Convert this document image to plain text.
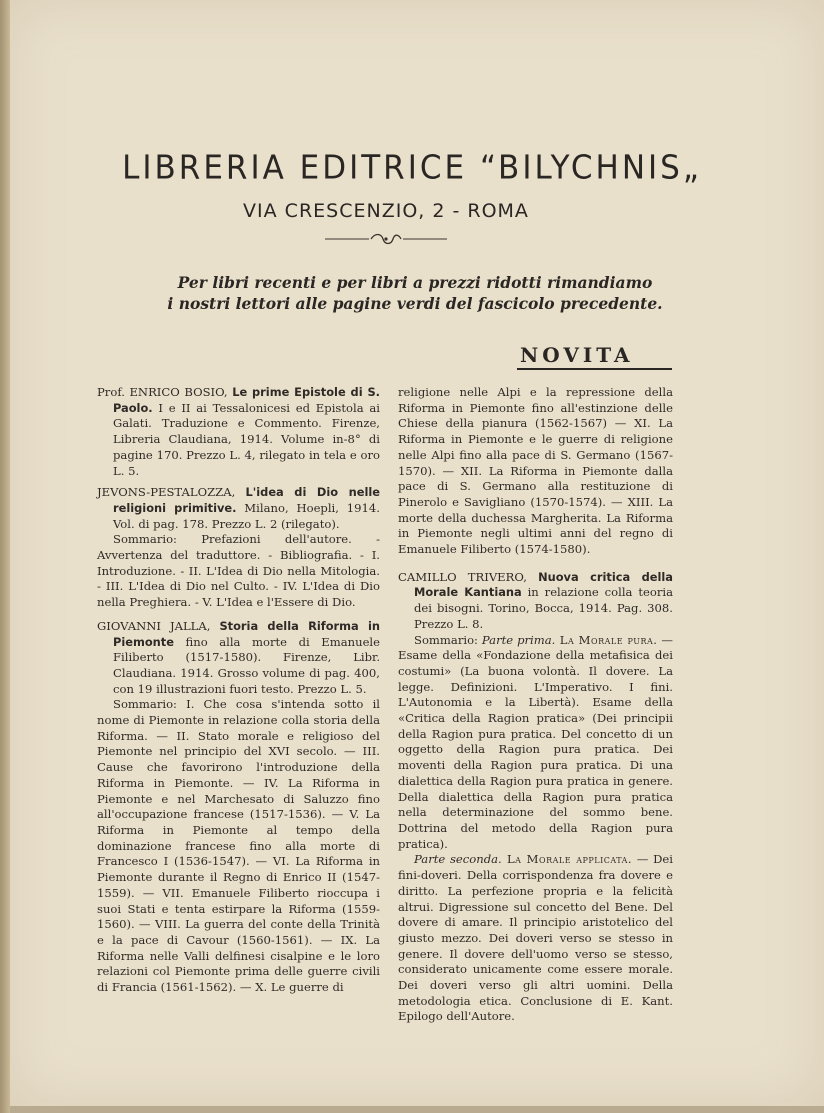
LIBRERIA EDITRICE “BILYCHNIS„
VIA CRESCENZIO, 2 - ROMA
Per libri recenti e per libri a prezzi ridotti rimandiamo
i nostri lettori alle pagine verdi del fascicolo precedente.
NOVITA
Prof. ENRICO BOSIO, Le prime Epistole di S. Paolo. I e II ai Tessalonicesi ed Epistola ai Galati. Traduzione e Commento. Firenze, Libreria Claudiana, 1914. Volume in-8° di pagine 170. Prezzo L. 4, rilegato in tela e oro L. 5.
JEVONS-PESTALOZZA, L'idea di Dio nelle religioni primitive. Milano, Hoepli, 1914. Vol. di pag. 178. Prezzo L. 2 (rilegato).

Sommario: Prefazioni dell'autore. - Avvertenza del traduttore. - Bibliografia. - I. Introduzione. - II. L'Idea di Dio nella Mitologia. - III. L'Idea di Dio nel Culto. - IV. L'Idea di Dio nella Preghiera. - V. L'Idea e l'Essere di Dio.

GIOVANNI JALLA, Storia della Riforma in Piemonte fino alla morte di Emanuele Filiberto (1517-1580). Firenze, Libr. Claudiana. 1914. Grosso volume di pag. 400, con 19 illustrazioni fuori testo. Prezzo L. 5.

Sommario: I. Che cosa s'intenda sotto il nome di Piemonte in relazione colla storia della Riforma. — II. Stato morale e religioso del Piemonte nel principio del XVI secolo. — III. Cause che favorirono l'introduzione della Riforma in Piemonte. — IV. La Riforma in Piemonte e nel Marchesato di Saluzzo fino all'occupazione francese (1517-1536). — V. La Riforma in Piemonte al tempo della dominazione francese fino alla morte di Francesco I (1536-1547). — VI. La Riforma in Piemonte durante il Regno di Enrico II (1547-1559). — VII. Emanuele Filiberto rioccupa i suoi Stati e tenta estirpare la Riforma (1559-1560). — VIII. La guerra del conte della Trinità e la pace di Cavour (1560-1561). — IX. La Riforma nelle Valli delfinesi cisalpine e le loro relazioni col Piemonte prima delle guerre civili di Francia (1561-1562). — X. Le guerre di

religione nelle Alpi e la repressione della Riforma in Piemonte fino all'estinzione delle Chiese della pianura (1562-1567) — XI. La Riforma in Piemonte e le guerre di religione nelle Alpi fino alla pace di S. Germano (1567-1570). — XII. La Riforma in Piemonte dalla pace di S. Germano alla restituzione di Pinerolo e Savigliano (1570-1574). — XIII. La morte della duchessa Margherita. La Riforma in Piemonte negli ultimi anni del regno di Emanuele Filiberto (1574-1580).

CAMILLO TRIVERO, Nuova critica della Morale Kantiana in relazione colla teoria dei bisogni. Torino, Bocca, 1914. Pag. 308. Prezzo L. 8.

Sommario: Parte prima. La Morale pura. — Esame della «Fondazione della metafisica dei costumi» (La buona volontà. Il dovere. La legge. Definizioni. L'Imperativo. I fini. L'Autonomia e la Libertà). Esame della «Critica della Ragion pratica» (Dei principii della Ragion pura pratica. Del concetto di un oggetto della Ragion pura pratica. Dei moventi della Ragion pura pratica. Di una dialettica della Ragion pura pratica in genere. Della dialettica della Ragion pura pratica nella determinazione del sommo bene. Dottrina del metodo della Ragion pura pratica).

Parte seconda. La Morale applicata. — Dei fini-doveri. Della corrispondenza fra dovere e diritto. La perfezione propria e la felicità altrui. Digressione sul concetto del Bene. Del dovere di amare. Il principio aristotelico del giusto mezzo. Dei doveri verso se stesso in genere. Il dovere dell'uomo verso se stesso, considerato unicamente come essere morale. Dei doveri verso gli altri uomini. Della metodologia etica. Conclusione di E. Kant. Epilogo dell'Autore.
